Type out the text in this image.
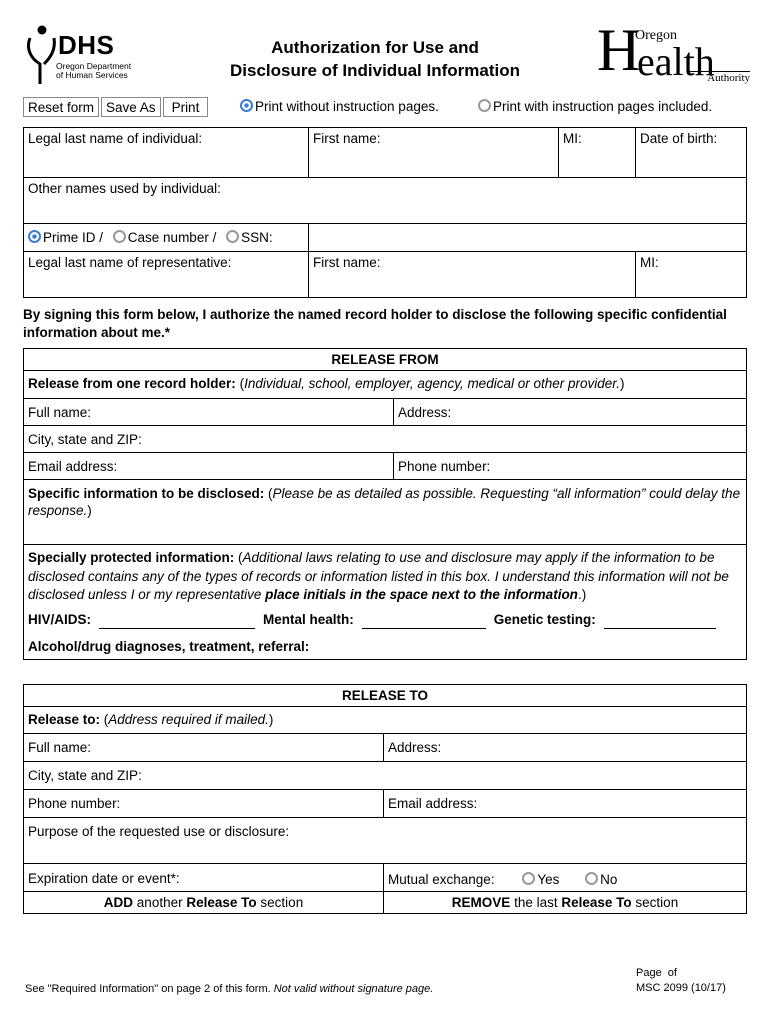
DHS
Oregon Department
of Human Services
Authorization for Use and
Disclosure of Individual Information	H
Oregon
ealth
Authority
Reset form Save As	Print	Print without instruction pages.	Print with instruction pages included.
Legal last name of individual:	First name:	MI:	Date of birth:
Other names used by individual:			
Prime ID / Case number / SSN:			
Legal last name of representative:	First name:		MI:
By signing this form below, I authorize the named record holder to disclose the following specific confidential information about me.*
RELEASE FROM	
Release from one record holder: (Individual, school, employer, agency, medical or other provider.)	
Full name:	Address:
City, state and ZIP:	
Email address:	Phone number:
Specific information to be disclosed: (Please be as detailed as possible. Requesting “all information” could delay the response.)	

Specially protected information: (Additional laws relating to use and disclosure may apply if the information to be disclosed contains any of the types of records or information listed in this box. I understand this information will not be disclosed unless I or my representative place initials in the space next to the information.)
HIV/AIDS: Mental health: Genetic testing:
Alcohol/drug diagnoses, treatment, referral:	
RELEASE TO	
Release to: (Address required if mailed.)	
Full name:	Address:
City, state and ZIP:	
Phone number:	Email address:
Purpose of the requested use or disclosure:	
Expiration date or event*:	Mutual exchange: Yes No
ADD another Release To section	REMOVE the last Release To section
See "Required Information" on page 2 of this form. Not valid without signature page.
Page  of
MSC 2099 (10/17)
